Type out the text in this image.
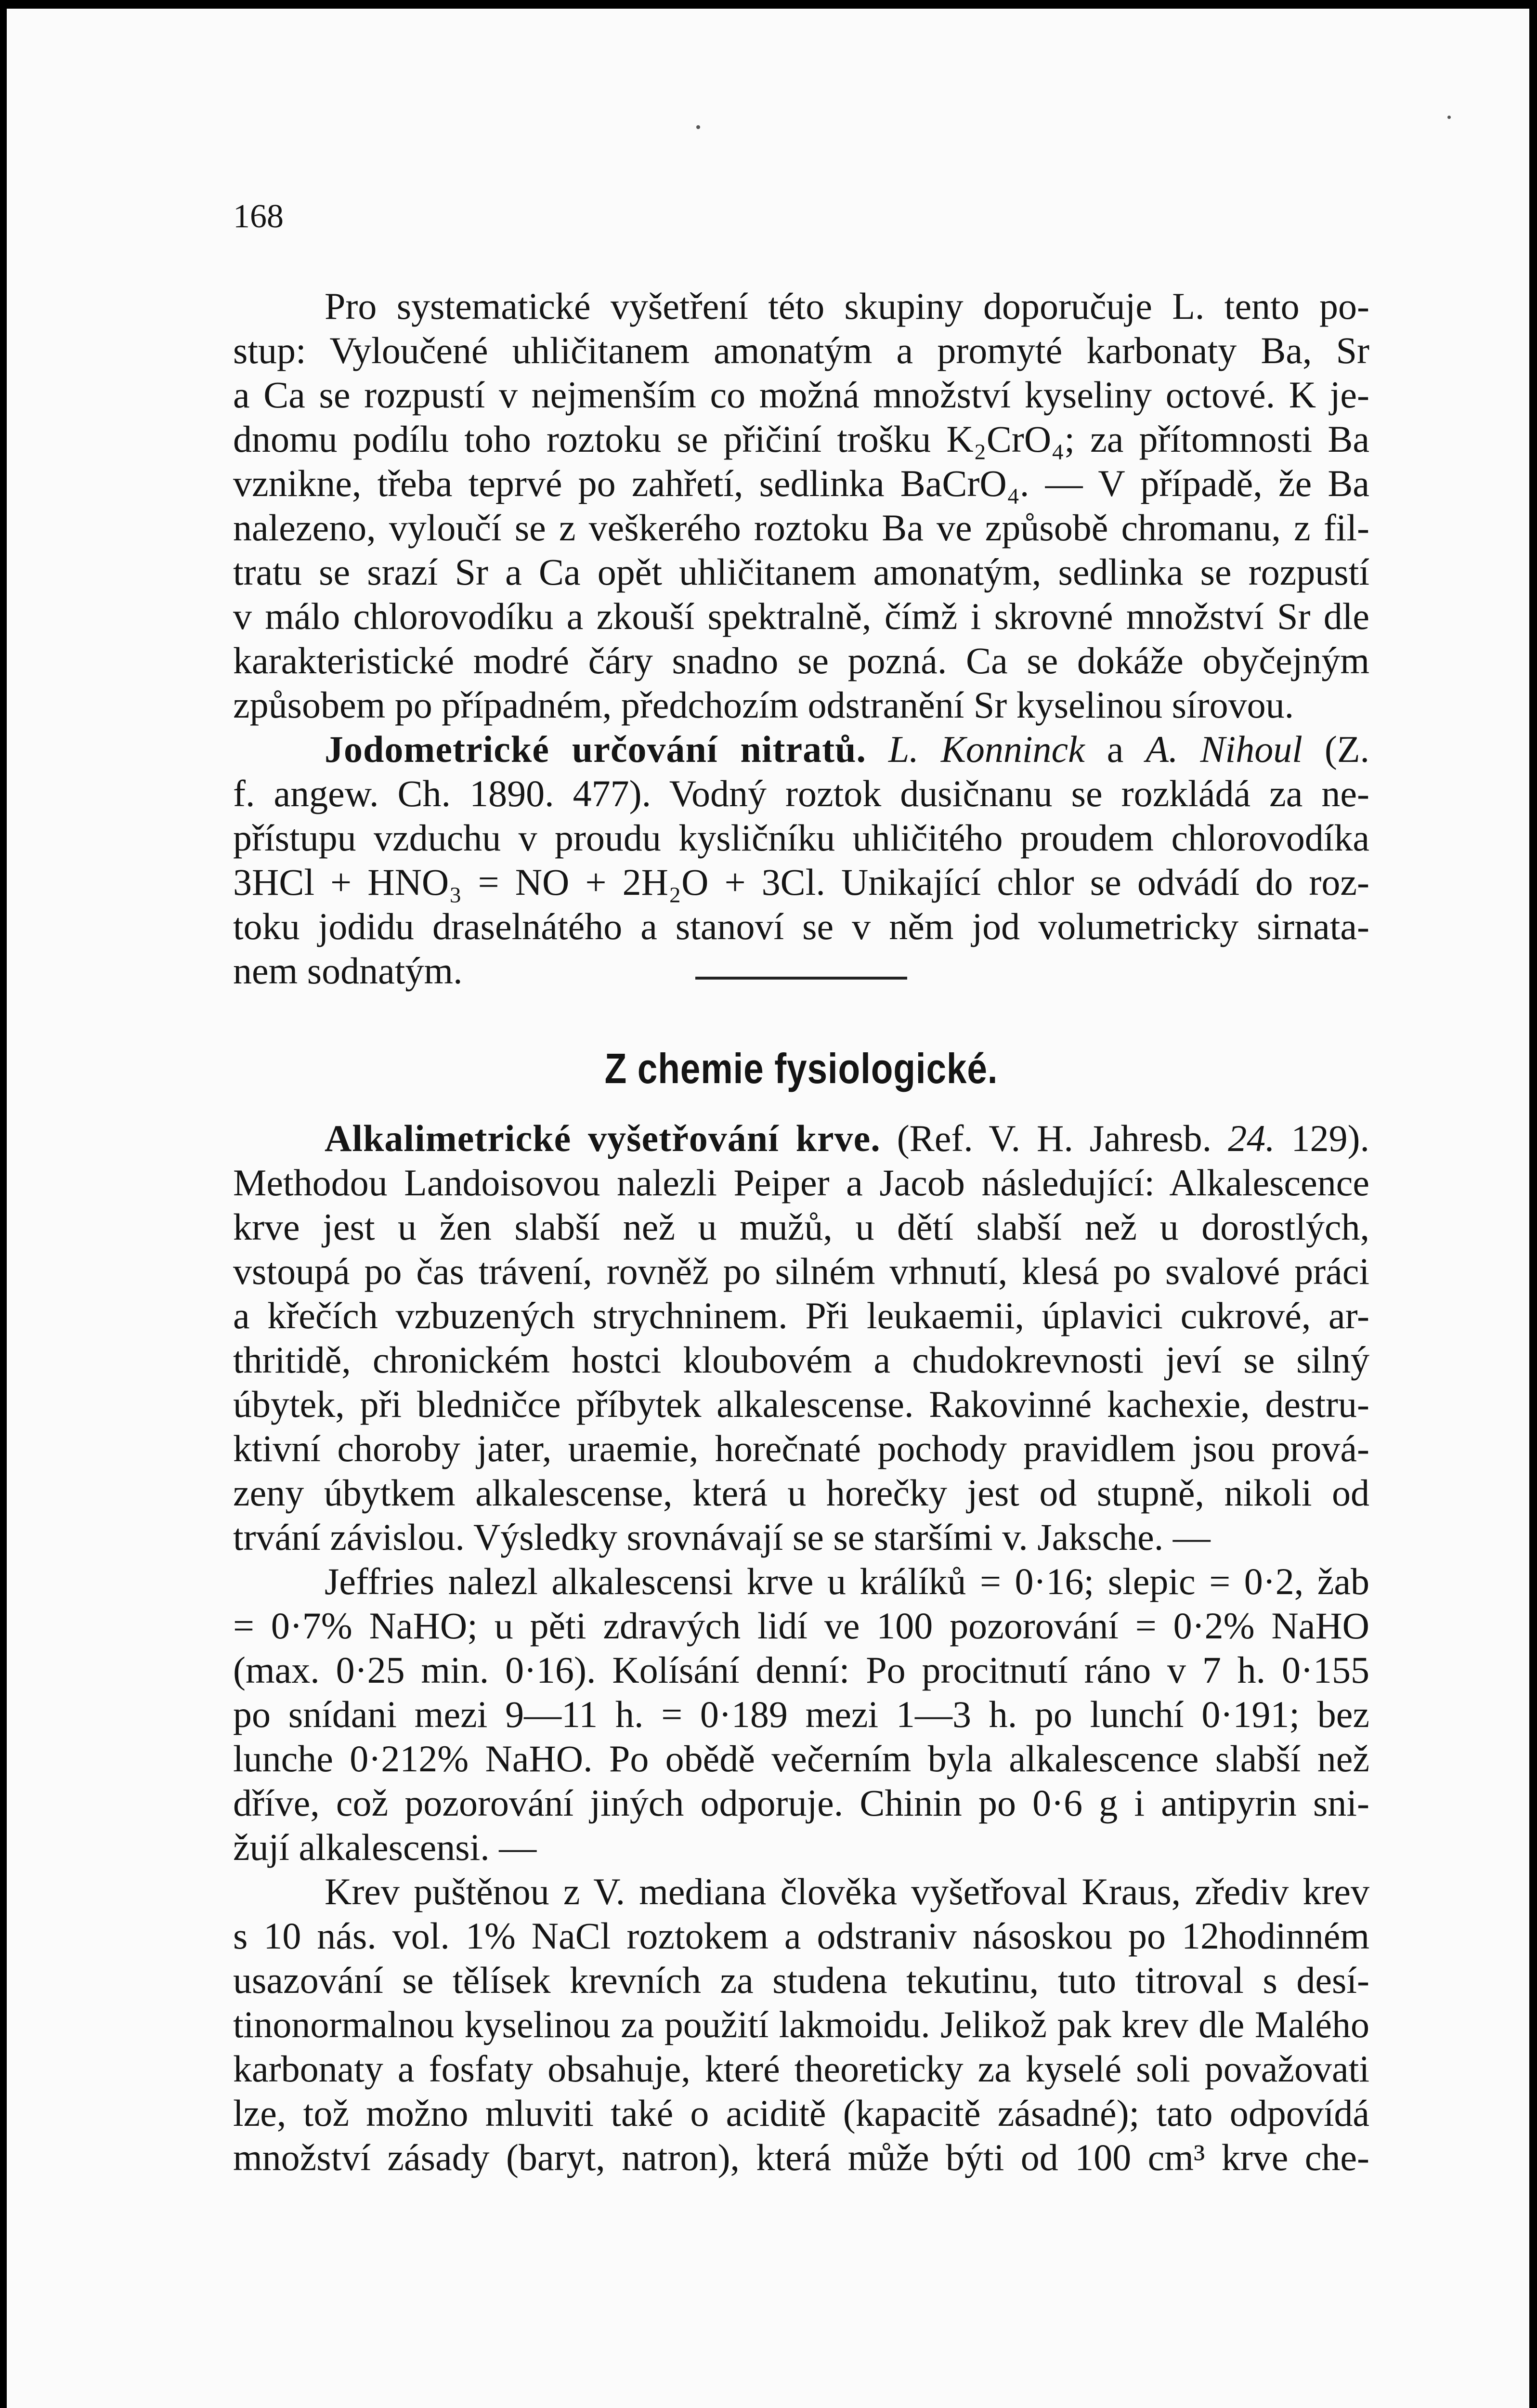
168
Pro systematické vyšetření této skupiny doporučuje L. tento po-
stup: Vyloučené uhličitanem amonatým a promyté karbonaty Ba, Sr
a Ca se rozpustí v nejmenším co možná množství kyseliny octové. K je-
dnomu podílu toho roztoku se přičiní trošku K₂CrO₄; za přítomnosti Ba
vznikne, třeba teprvé po zahřetí, sedlinka BaCrO₄. — V případě, že Ba
nalezeno, vyloučí se z veškerého roztoku Ba ve způsobě chromanu, z fil-
tratu se srazí Sr a Ca opět uhličitanem amonatým, sedlinka se rozpustí
v málo chlorovodíku a zkouší spektralně, čímž i skrovné množství Sr dle
karakteristické modré čáry snadno se pozná. Ca se dokáže obyčejným
způsobem po případném, předchozím odstranění Sr kyselinou sírovou.
Jodometrické určování nitratů. L. Konninck a A. Nihoul (Z.
f. angew. Ch. 1890. 477). Vodný roztok dusičnanu se rozkládá za ne-
přístupu vzduchu v proudu kysličníku uhličitého proudem chlorovodíka
3HCl + HNO₃ = NO + 2H₂O + 3Cl. Unikající chlor se odvádí do roz-
toku jodidu draselnátého a stanoví se v něm jod volumetricky sirnata-
nem sodnatým.
Z chemie fysiologické.
Alkalimetrické vyšetřování krve. (Ref. V. H. Jahresb. 24. 129).
Methodou Landoisovou nalezli Peiper a Jacob následující: Alkalescence
krve jest u žen slabší než u mužů, u dětí slabší než u dorostlých,
vstoupá po čas trávení, rovněž po silném vrhnutí, klesá po svalové práci
a křečích vzbuzených strychninem. Při leukaemii, úplavici cukrové, ar-
thritidě, chronickém hostci kloubovém a chudokrevnosti jeví se silný
úbytek, při bledničce příbytek alkalescense. Rakovinné kachexie, destru-
ktivní choroby jater, uraemie, horečnaté pochody pravidlem jsou prová-
zeny úbytkem alkalescense, která u horečky jest od stupně, nikoli od
trvání závislou. Výsledky srovnávají se se staršími v. Jaksche. —
Jeffries nalezl alkalescensi krve u králíků = 0·16; slepic = 0·2, žab
= 0·7% NaHO; u pěti zdravých lidí ve 100 pozorování = 0·2% NaHO
(max. 0·25 min. 0·16). Kolísání denní: Po procitnutí ráno v 7 h. 0·155
po snídani mezi 9—11 h. = 0·189 mezi 1—3 h. po lunchí 0·191; bez
lunche 0·212% NaHO. Po obědě večerním byla alkalescence slabší než
dříve, což pozorování jiných odporuje. Chinin po 0·6 g i antipyrin sni-
žují alkalescensi. —
Krev puštěnou z V. mediana člověka vyšetřoval Kraus, zřediv krev
s 10 nás. vol. 1% NaCl roztokem a odstraniv násoskou po 12hodinném
usazování se tělísek krevních za studena tekutinu, tuto titroval s desí-
tinonormalnou kyselinou za použití lakmoidu. Jelikož pak krev dle Malého
karbonaty a fosfaty obsahuje, které theoreticky za kyselé soli považovati
lze, tož možno mluviti také o aciditě (kapacitě zásadné); tato odpovídá
množství zásady (baryt, natron), která může býti od 100 cm³ krve che-
